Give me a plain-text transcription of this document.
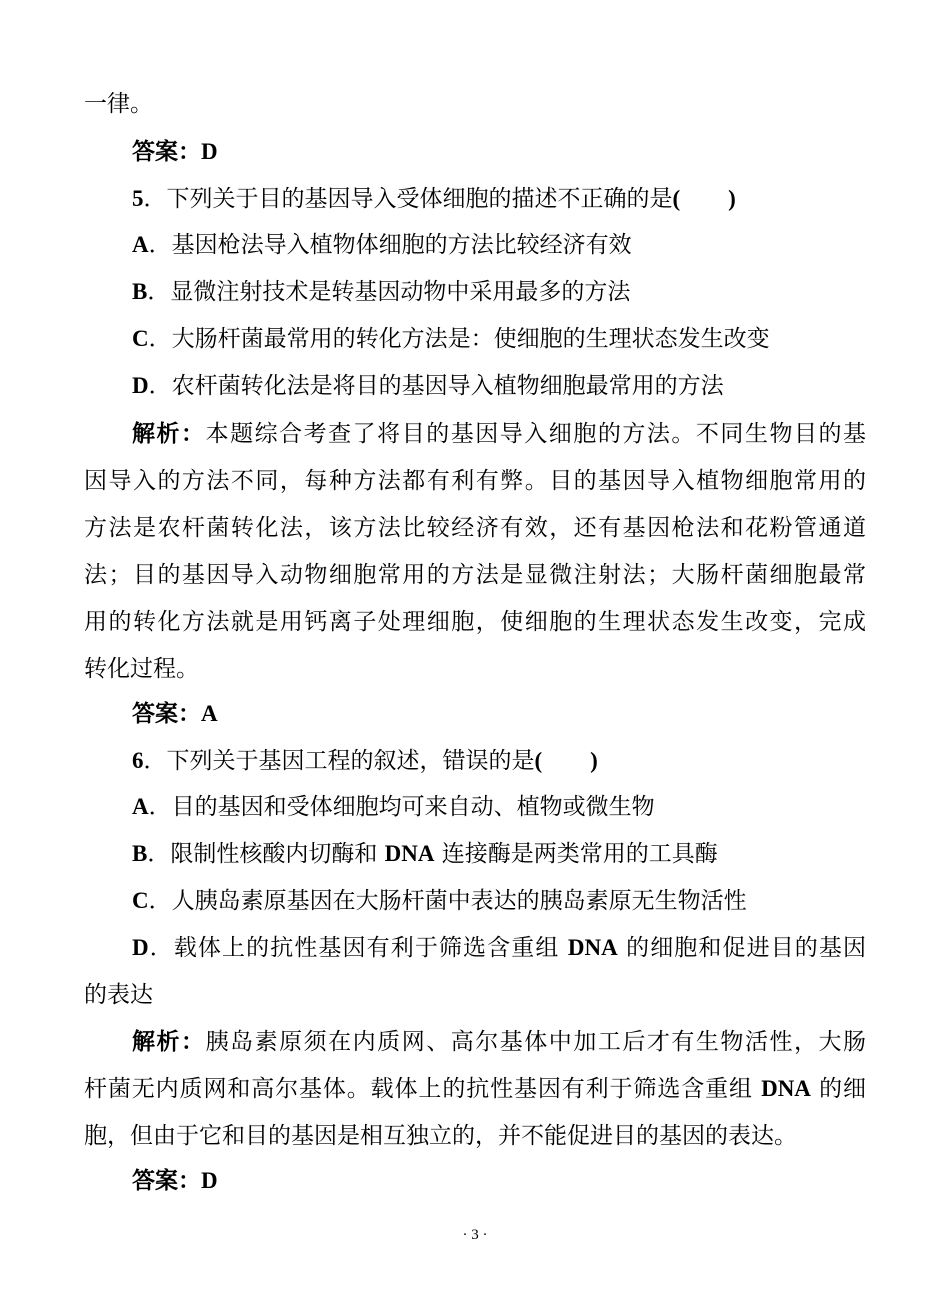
一律。
答案：D
5．下列关于目的基因导入受体细胞的描述不正确的是( )
A．基因枪法导入植物体细胞的方法比较经济有效
B．显微注射技术是转基因动物中采用最多的方法
C．大肠杆菌最常用的转化方法是：使细胞的生理状态发生改变
D．农杆菌转化法是将目的基因导入植物细胞最常用的方法
解析：本题综合考查了将目的基因导入细胞的方法。不同生物目的基
因导入的方法不同，每种方法都有利有弊。目的基因导入植物细胞常用的
方法是农杆菌转化法，该方法比较经济有效，还有基因枪法和花粉管通道
法；目的基因导入动物细胞常用的方法是显微注射法；大肠杆菌细胞最常
用的转化方法就是用钙离子处理细胞，使细胞的生理状态发生改变，完成
转化过程。
答案：A
6．下列关于基因工程的叙述，错误的是( )
A．目的基因和受体细胞均可来自动、植物或微生物
B．限制性核酸内切酶和 DNA 连接酶是两类常用的工具酶
C．人胰岛素原基因在大肠杆菌中表达的胰岛素原无生物活性
D．载体上的抗性基因有利于筛选含重组 DNA 的细胞和促进目的基因
的表达
解析：胰岛素原须在内质网、高尔基体中加工后才有生物活性，大肠
杆菌无内质网和高尔基体。载体上的抗性基因有利于筛选含重组 DNA 的细
胞，但由于它和目的基因是相互独立的，并不能促进目的基因的表达。
答案：D
· 3 ·
